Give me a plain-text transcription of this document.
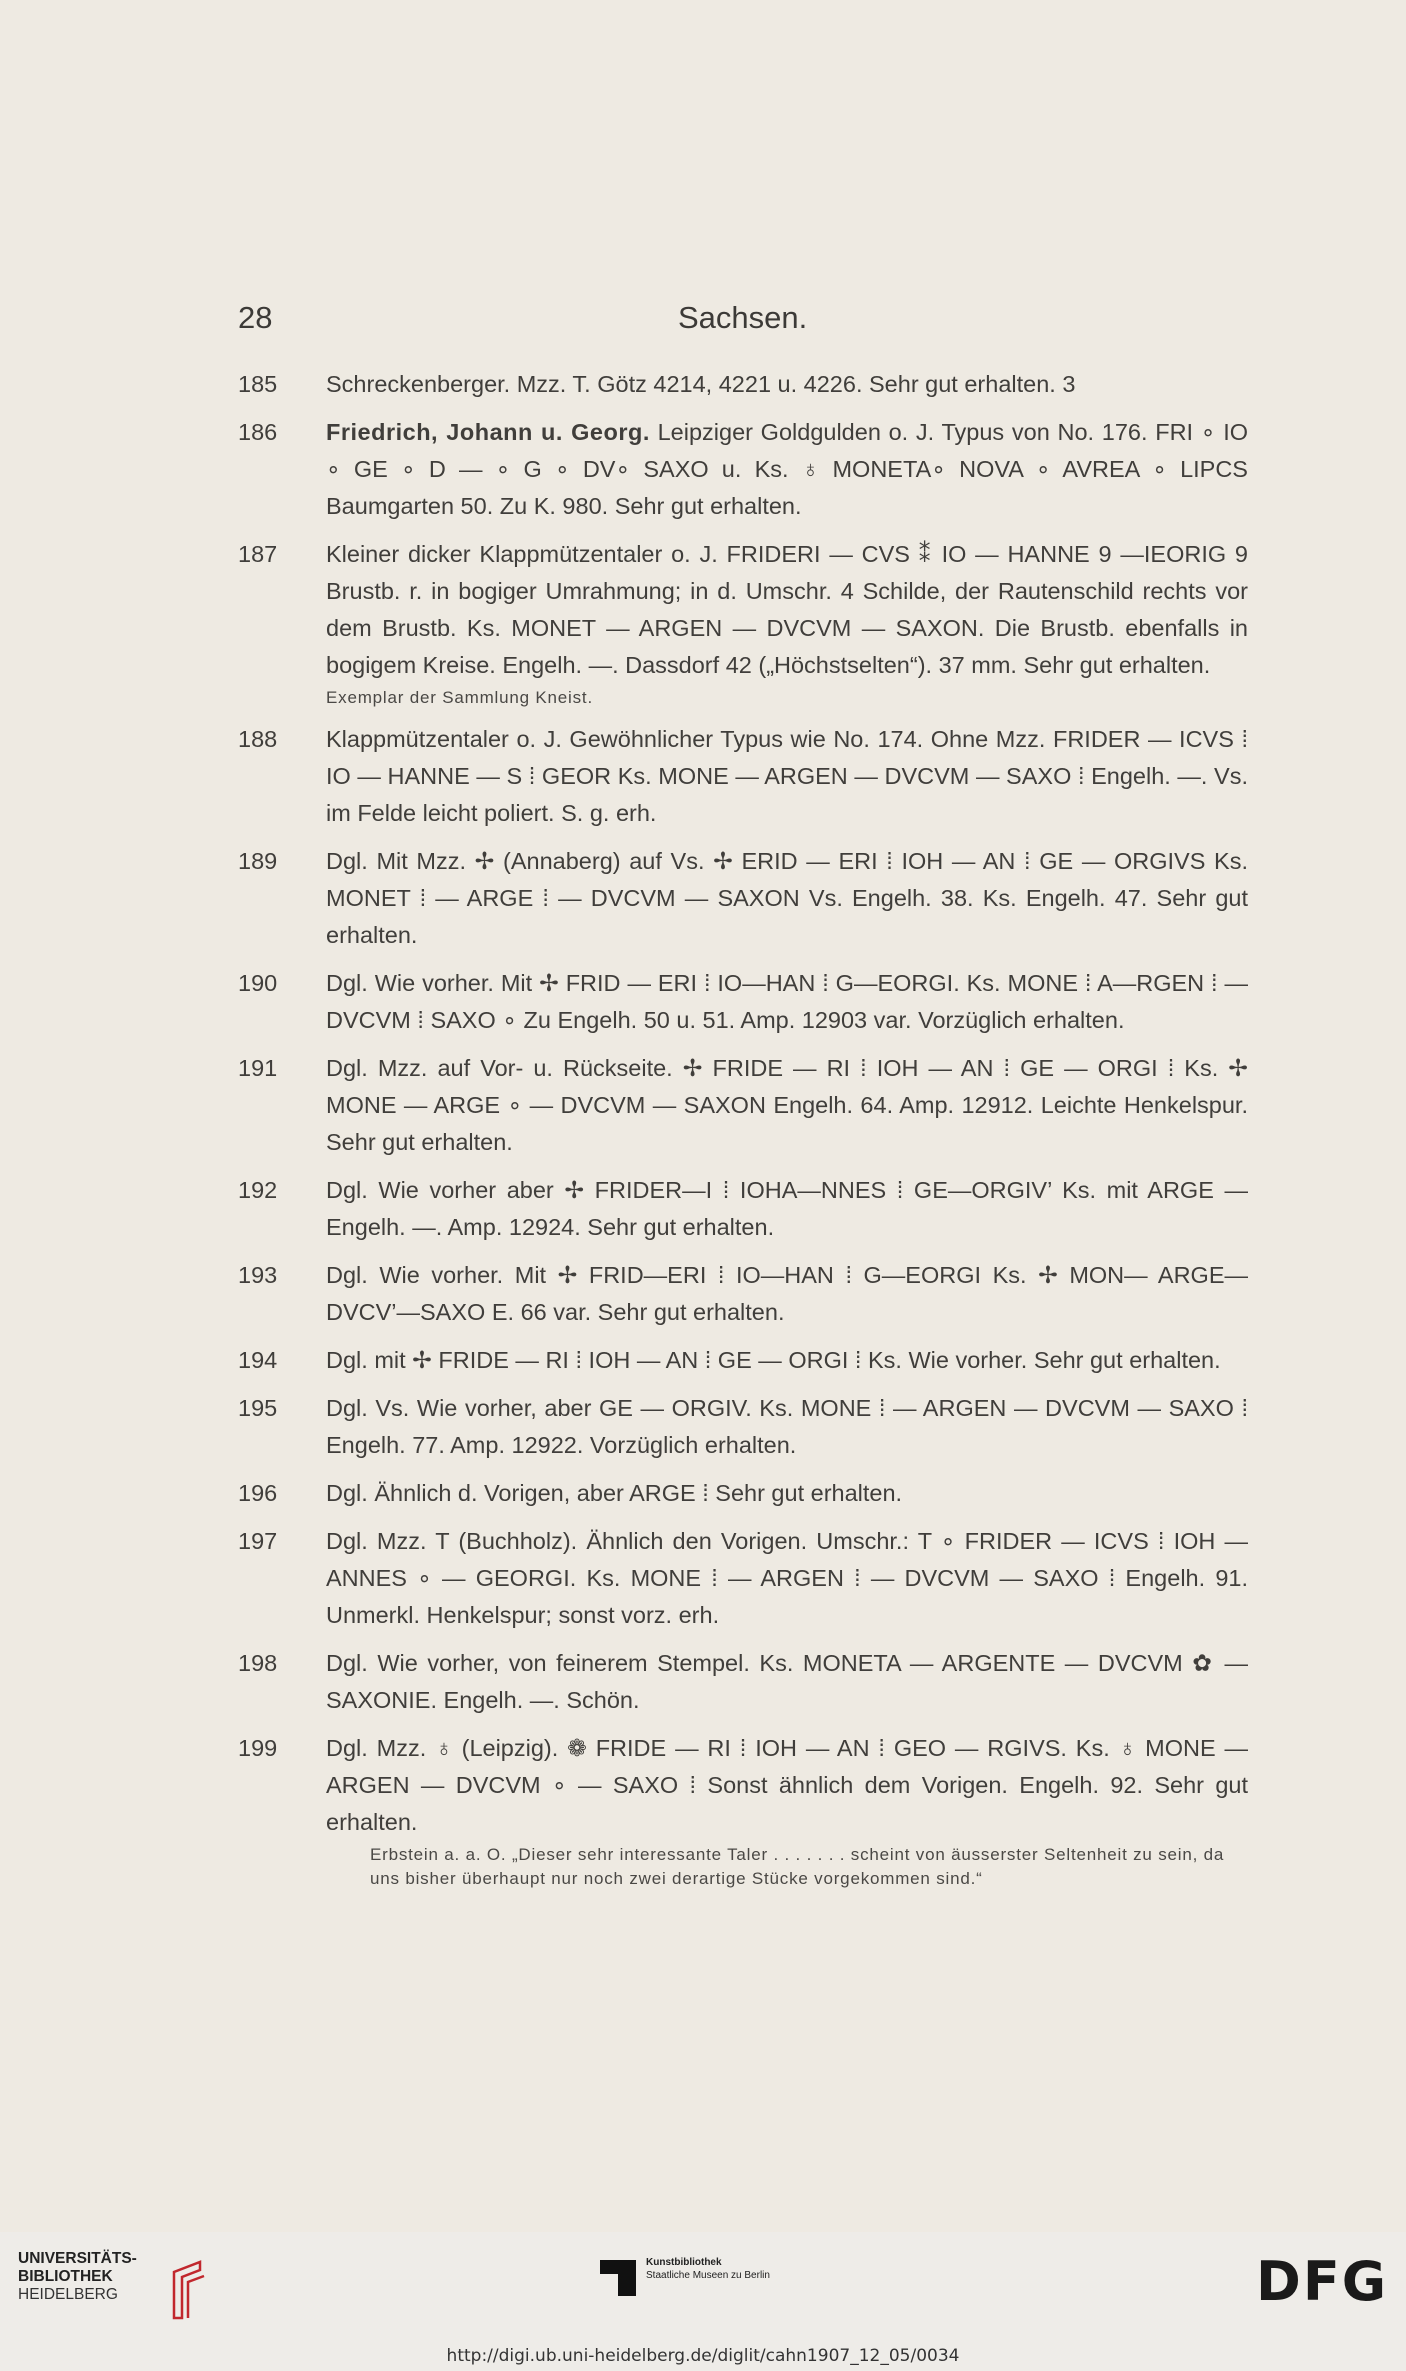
28	Sachsen.
185 Schreckenberger. Mzz. T. Götz 4214, 4221 u. 4226. Sehr gut erhalten. 3
186 Friedrich, Johann u. Georg. Leipziger Goldgulden o. J. Typus von No. 176. FRI ∘ IO ∘ GE ∘ D — ∘ G ∘ DV∘ SAXO u. Ks. ♁ MONETA∘ NOVA ∘ AVREA ∘ LIPCS Baumgarten 50. Zu K. 980. Sehr gut erhalten.
187 Kleiner dicker Klappmützentaler o. J. FRIDERI — CVS ⁑ IO — HANNE 9 —IEORIG 9 Brustb. r. in bogiger Umrahmung; in d. Umschr. 4 Schilde, der Rautenschild rechts vor dem Brustb. Ks. MONET — ARGEN — DVCVM — SAXON. Die Brustb. ebenfalls in bogigem Kreise. Engelh. —. Dassdorf 42 („Höchstselten“). 37 mm. Sehr gut erhalten.
Exemplar der Sammlung Kneist.
188 Klappmützentaler o. J. Gewöhnlicher Typus wie No. 174. Ohne Mzz. FRIDER — ICVS ⁞ IO — HANNE — S ⁞ GEOR Ks. MONE — ARGEN — DVCVM — SAXO ⁞ Engelh. —. Vs. im Felde leicht poliert. S. g. erh.
189 Dgl. Mit Mzz. ✢ (Annaberg) auf Vs. ✢ ERID — ERI ⁞ IOH — AN ⁞ GE — ORGIVS Ks. MONET ⁞ — ARGE ⁞ — DVCVM — SAXON Vs. Engelh. 38. Ks. Engelh. 47. Sehr gut erhalten.
190 Dgl. Wie vorher. Mit ✢ FRID — ERI ⁞ IO—HAN ⁞ G—EORGI. Ks. MONE ⁞ A—RGEN ⁞ — DVCVM ⁞ SAXO ∘ Zu Engelh. 50 u. 51. Amp. 12903 var. Vorzüglich erhalten.
191 Dgl. Mzz. auf Vor- u. Rückseite. ✢ FRIDE — RI ⁞ IOH — AN ⁞ GE — ORGI ⁞ Ks. ✢ MONE — ARGE ∘ — DVCVM — SAXON Engelh. 64. Amp. 12912. Leichte Henkelspur. Sehr gut erhalten.
192 Dgl. Wie vorher aber ✢ FRIDER—I ⁞ IOHA—NNES ⁞ GE—ORGIV’ Ks. mit ARGE — Engelh. —. Amp. 12924. Sehr gut erhalten.
193 Dgl. Wie vorher. Mit ✢ FRID—ERI ⁞ IO—HAN ⁞ G—EORGI Ks. ✢ MON— ARGE—DVCV’—SAXO E. 66 var. Sehr gut erhalten.
194 Dgl. mit ✢ FRIDE — RI ⁞ IOH — AN ⁞ GE — ORGI ⁞ Ks. Wie vorher. Sehr gut erhalten.
195 Dgl. Vs. Wie vorher, aber GE — ORGIV. Ks. MONE ⁞ — ARGEN — DVCVM — SAXO ⁞ Engelh. 77. Amp. 12922. Vorzüglich erhalten.
196 Dgl. Ähnlich d. Vorigen, aber ARGE ⁞ Sehr gut erhalten.
197 Dgl. Mzz. T (Buchholz). Ähnlich den Vorigen. Umschr.: T ∘ FRIDER — ICVS ⁞ IOH — ANNES ∘ — GEORGI. Ks. MONE ⁞ — ARGEN ⁞ — DVCVM — SAXO ⁞ Engelh. 91. Unmerkl. Henkelspur; sonst vorz. erh.
198 Dgl. Wie vorher, von feinerem Stempel. Ks. MONETA — ARGENTE — DVCVM ✿ — SAXONIE. Engelh. —. Schön.
199 Dgl. Mzz. ♁ (Leipzig). ❁ FRIDE — RI ⁞ IOH — AN ⁞ GEO — RGIVS. Ks. ♁ MONE — ARGEN — DVCVM ∘ — SAXO ⁞ Sonst ähnlich dem Vorigen. Engelh. 92. Sehr gut erhalten.
Erbstein a. a. O. „Dieser sehr interessante Taler . . . . . . . scheint von äusserster Seltenheit zu sein, da uns bisher überhaupt nur noch zwei derartige Stücke vorgekommen sind.“
UNIVERSITÄTS-
BIBLIOTHEK
HEIDELBERG
Kunstbibliothek
Staatliche Museen zu Berlin	DFG
http://digi.ub.uni-heidelberg.de/diglit/cahn1907_12_05/0034
